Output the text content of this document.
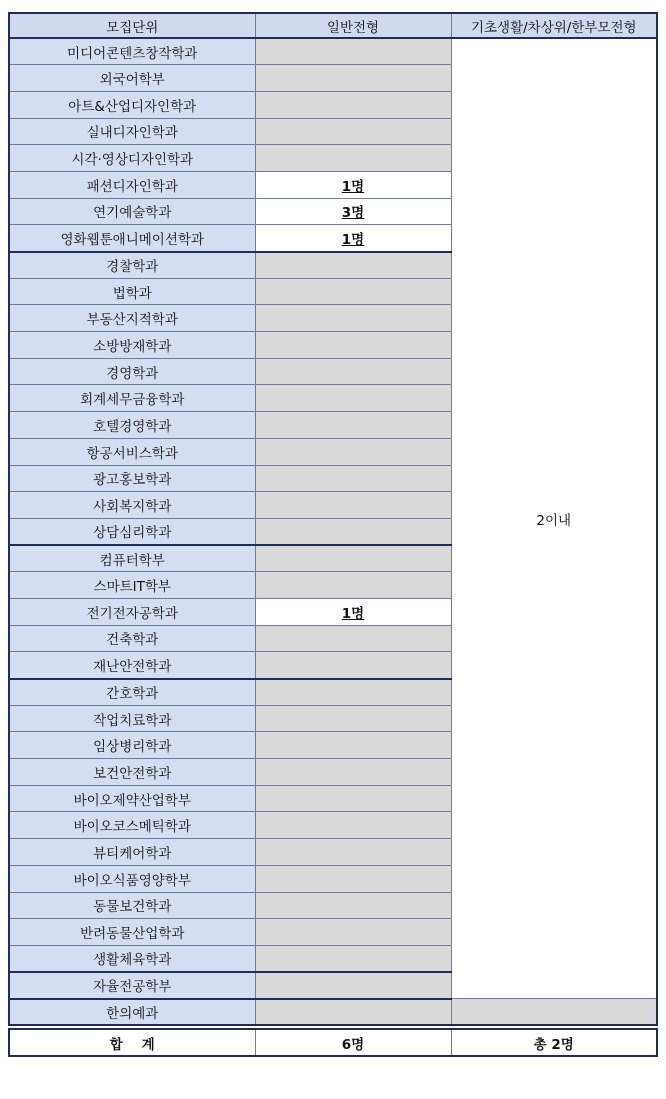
모집단위	일반전형	기초생활/차상위/한부모전형
미디어콘텐츠창작학과		2이내
외국어학부		
아트&산업디자인학과		
실내디자인학과		
시각·영상디자인학과		
패션디자인학과	1명	
연기예술학과	3명	
영화웹툰애니메이션학과	1명	
경찰학과		
법학과		
부동산지적학과		
소방방재학과		
경영학과		
회계세무금융학과		
호텔경영학과		
항공서비스학과		
광고홍보학과		
사회복지학과		
상담심리학과		
컴퓨터학부		
스마트IT학부		
전기전자공학과	1명	
건축학과		
재난안전학과		
간호학과		
작업치료학과		
임상병리학과		
보건안전학과		
바이오제약산업학부		
바이오코스메틱학과		
뷰티케어학과		
바이오식품영양학부		
동물보건학과		
반려동물산업학과		
생활체육학과		
자율전공학부		
한의예과		

합    계	6명	총 2명
